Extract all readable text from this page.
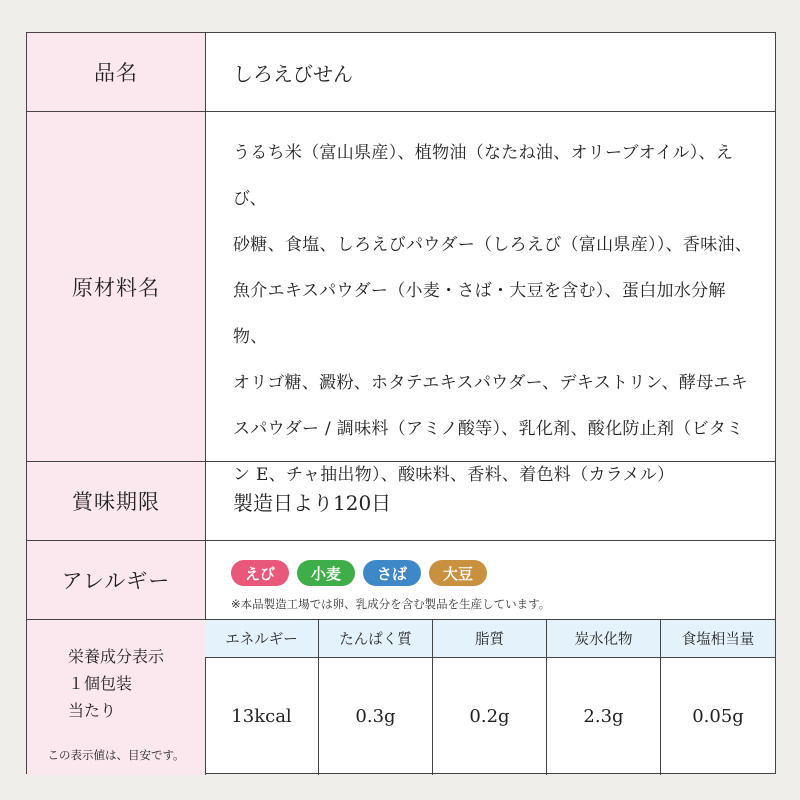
品名	しろえびせん
原材料名
うるち米（富山県産）、植物油（なたね油、オリーブオイル）、えび、
砂糖、食塩、しろえびパウダー（しろえび（富山県産））、香味油、
魚介エキスパウダー（小麦・さば・大豆を含む）、蛋白加水分解物、
オリゴ糖、澱粉、ホタテエキスパウダー、デキストリン、酵母エキ
スパウダー / 調味料（アミノ酸等）、乳化剤、酸化防止剤（ビタミ
ン E、チャ抽出物）、酸味料、香料、着色料（カラメル）
賞味期限	製造日より120日
アレルギー	えび	小麦	さば	大豆
※本品製造工場では卵、乳成分を含む製品を生産しています。
栄養成分表示
１個包装
当たり
この表示値は、目安です。
エネルギー	たんぱく質	脂質	炭水化物	食塩相当量
13kcal	0.3g	0.2g	2.3g	0.05g
